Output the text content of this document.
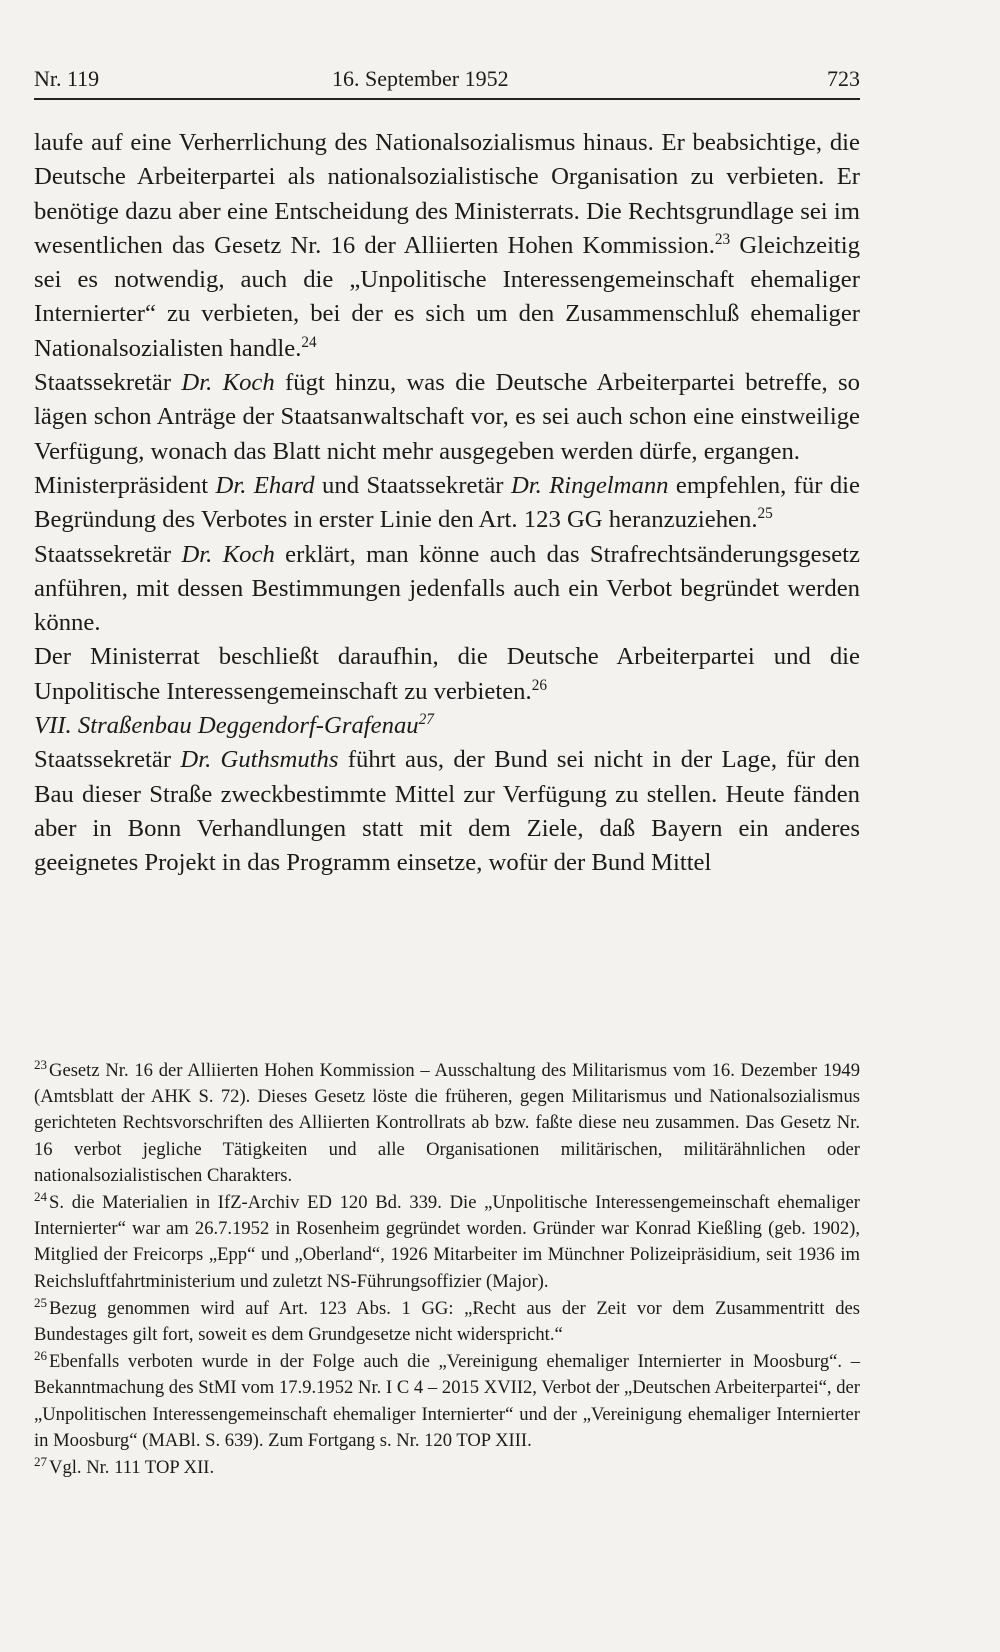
Nr. 119	16. September 1952	723

laufe auf eine Verherrlichung des Nationalsozialismus hinaus. Er beabsichtige, die Deutsche Arbeiterpartei als nationalsozialistische Organisation zu verbieten. Er benötige dazu aber eine Entscheidung des Ministerrats. Die Rechtsgrundlage sei im wesentlichen das Gesetz Nr. 16 der Alliierten Hohen Kommission.$^{23}$ Gleichzeitig sei es notwendig, auch die „Unpolitische Interessengemeinschaft ehemaliger Internierter“ zu verbieten, bei der es sich um den Zusammenschluß ehemaliger Nationalsozialisten handle.$^{24}$

Staatssekretär Dr. Koch fügt hinzu, was die Deutsche Arbeiterpartei betreffe, so lägen schon Anträge der Staatsanwaltschaft vor, es sei auch schon eine einstweilige Verfügung, wonach das Blatt nicht mehr ausgegeben werden dürfe, ergangen.

Ministerpräsident Dr. Ehard und Staatssekretär Dr. Ringelmann empfehlen, für die Begründung des Verbotes in erster Linie den Art. 123 GG heranzuziehen.$^{25}$

Staatssekretär Dr. Koch erklärt, man könne auch das Strafrechtsänderungsgesetz anführen, mit dessen Bestimmungen jedenfalls auch ein Verbot begründet werden könne.

Der Ministerrat beschließt daraufhin, die Deutsche Arbeiterpartei und die Unpolitische Interessengemeinschaft zu verbieten.$^{26}$

VII. Straßenbau Deggendorf-Grafenau$^{27}$

Staatssekretär Dr. Guthsmuths führt aus, der Bund sei nicht in der Lage, für den Bau dieser Straße zweckbestimmte Mittel zur Verfügung zu stellen. Heute fänden aber in Bonn Verhandlungen statt mit dem Ziele, daß Bayern ein anderes geeignetes Projekt in das Programm einsetze, wofür der Bund Mittel

$^{23}$ Gesetz Nr. 16 der Alliierten Hohen Kommission – Ausschaltung des Militarismus vom 16. Dezember 1949 (Amtsblatt der AHK S. 72). Dieses Gesetz löste die früheren, gegen Militarismus und Nationalsozialismus gerichteten Rechtsvorschriften des Alliierten Kontrollrats ab bzw. faßte diese neu zusammen. Das Gesetz Nr. 16 verbot jegliche Tätigkeiten und alle Organisationen militärischen, militärähnlichen oder nationalsozialistischen Charakters.

$^{24}$ S. die Materialien in IfZ-Archiv ED 120 Bd. 339. Die „Unpolitische Interessengemeinschaft ehemaliger Internierter“ war am 26.7.1952 in Rosenheim gegründet worden. Gründer war Konrad Kießling (geb. 1902), Mitglied der Freicorps „Epp“ und „Oberland“, 1926 Mitarbeiter im Münchner Polizeipräsidium, seit 1936 im Reichsluftfahrtministerium und zuletzt NS-Führungsoffizier (Major).

$^{25}$ Bezug genommen wird auf Art. 123 Abs. 1 GG: „Recht aus der Zeit vor dem Zusammentritt des Bundestages gilt fort, soweit es dem Grundgesetze nicht widerspricht.“

$^{26}$ Ebenfalls verboten wurde in der Folge auch die „Vereinigung ehemaliger Internierter in Moosburg“. – Bekanntmachung des StMI vom 17.9.1952 Nr. I C 4 – 2015 XVII2, Verbot der „Deutschen Arbeiterpartei“, der „Unpolitischen Interessengemeinschaft ehemaliger Internierter“ und der „Vereinigung ehemaliger Internierter in Moosburg“ (MABl. S. 639). Zum Fortgang s. Nr. 120 TOP XIII.

$^{27}$ Vgl. Nr. 111 TOP XII.
